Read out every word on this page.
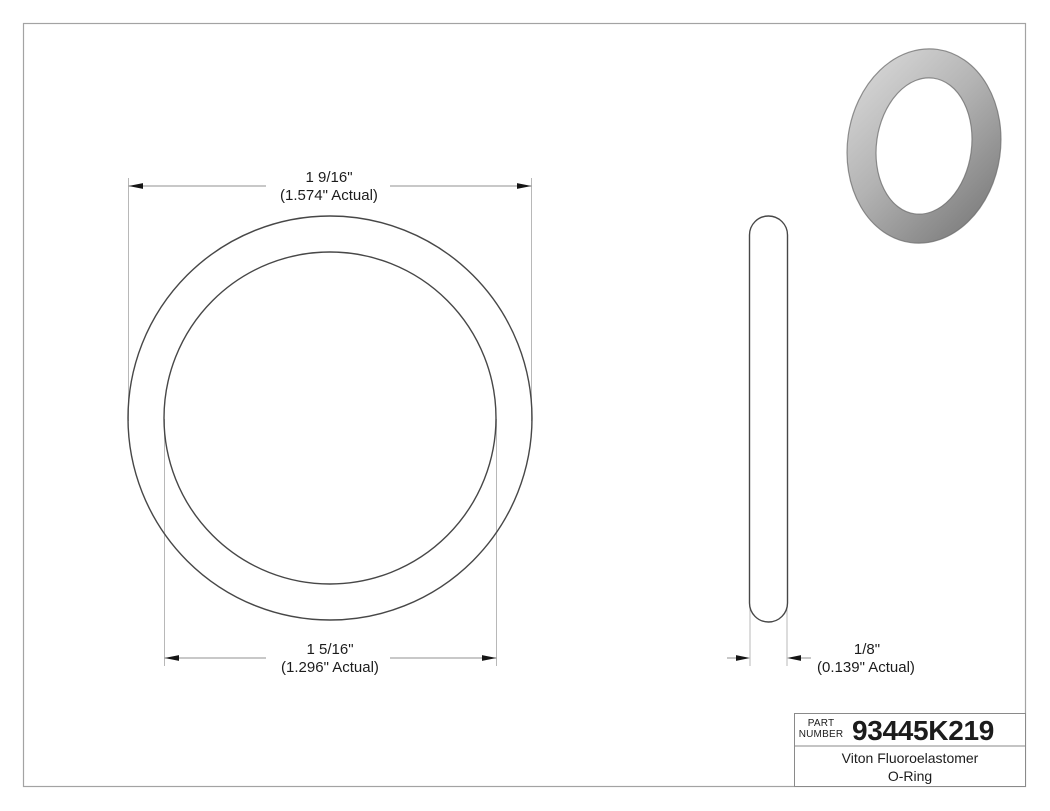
1 9/16"
(1.574" Actual)
1 5/16"
(1.296" Actual)
1/8"
(0.139" Actual)
PART
NUMBER 93445K219
Viton Fluoroelastomer
O-Ring
